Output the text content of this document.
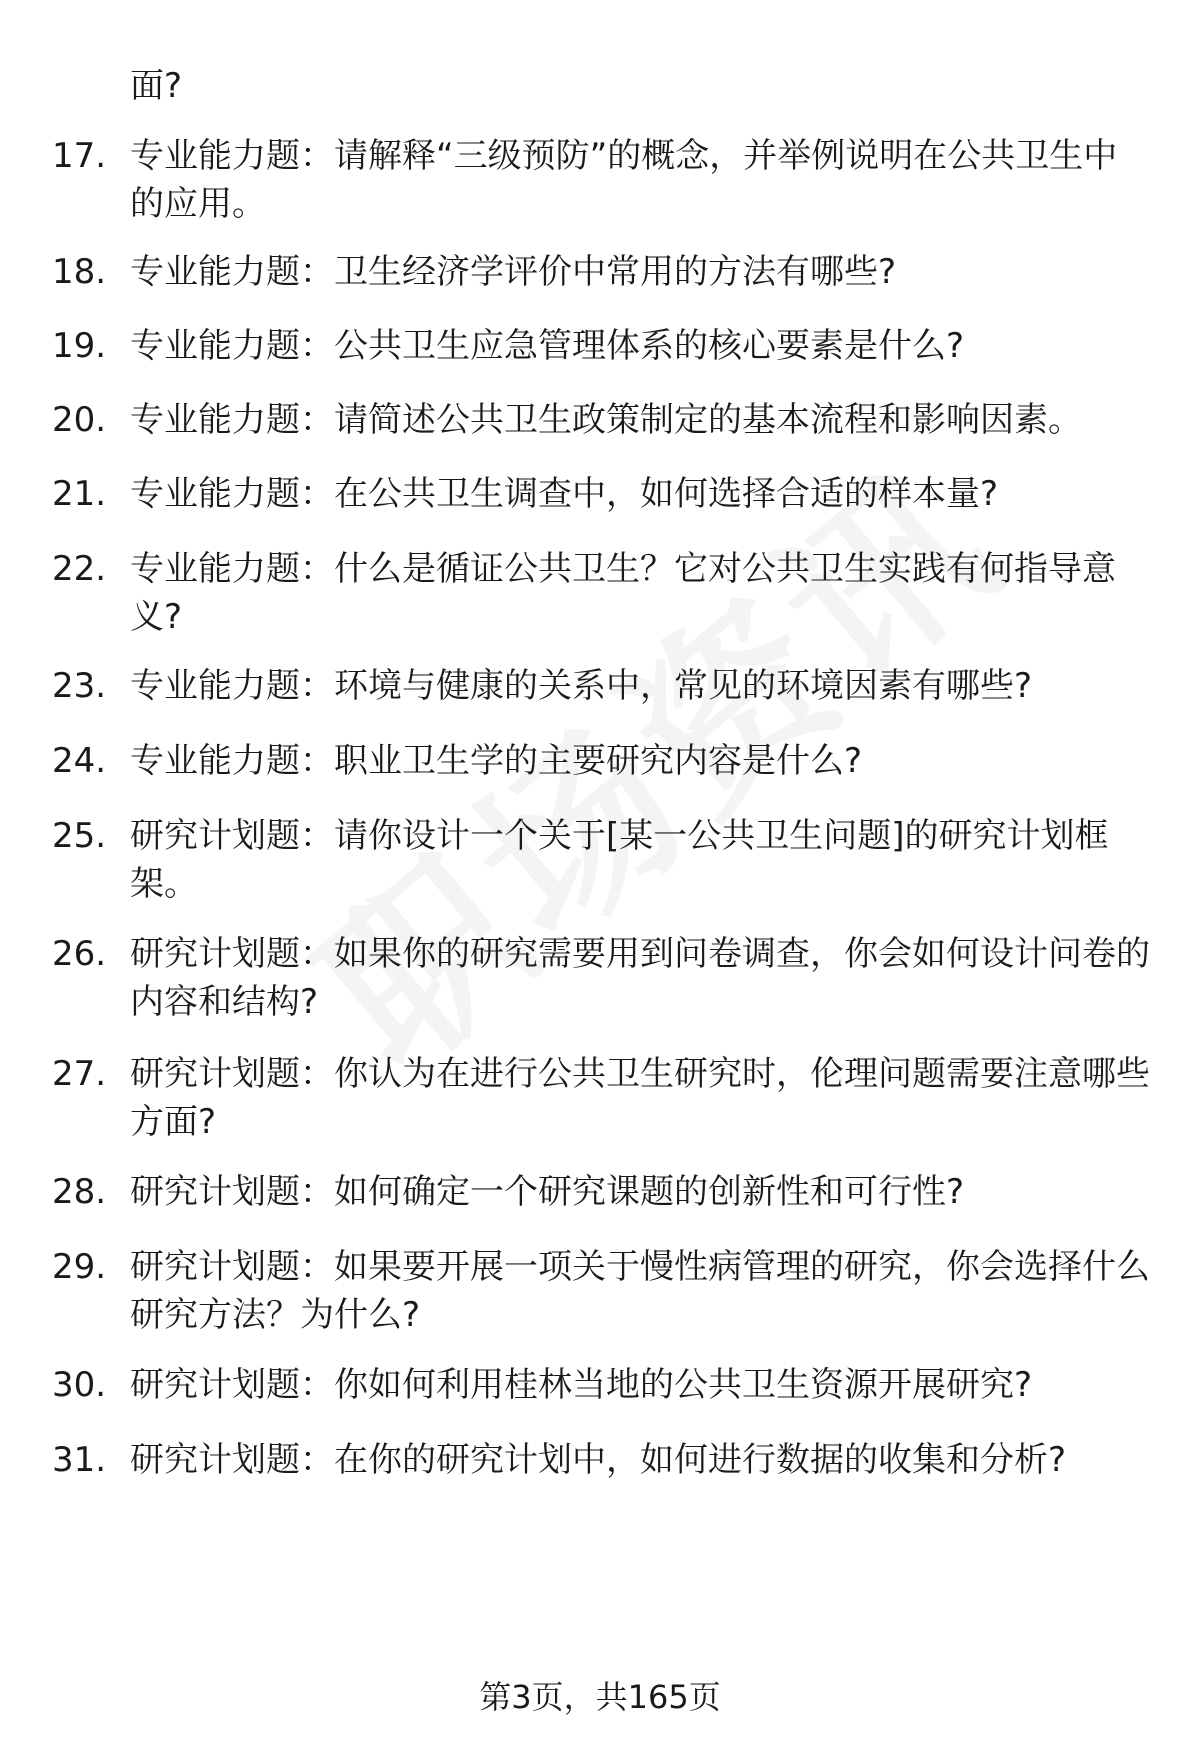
面?
17. 专业能力题：请解释“三级预防”的概念，并举例说明在公共卫生中的应用。
18. 专业能力题：卫生经济学评价中常用的方法有哪些?
19. 专业能力题：公共卫生应急管理体系的核心要素是什么?
20. 专业能力题：请简述公共卫生政策制定的基本流程和影响因素。
21. 专业能力题：在公共卫生调查中，如何选择合适的样本量?
22. 专业能力题：什么是循证公共卫生？它对公共卫生实践有何指导意义?
23. 专业能力题：环境与健康的关系中，常见的环境因素有哪些?
24. 专业能力题：职业卫生学的主要研究内容是什么?
25. 研究计划题：请你设计一个关于[某一公共卫生问题]的研究计划框架。
26. 研究计划题：如果你的研究需要用到问卷调查，你会如何设计问卷的内容和结构?
27. 研究计划题：你认为在进行公共卫生研究时，伦理问题需要注意哪些方面?
28. 研究计划题：如何确定一个研究课题的创新性和可行性?
29. 研究计划题：如果要开展一项关于慢性病管理的研究，你会选择什么研究方法？为什么?
30. 研究计划题：你如何利用桂林当地的公共卫生资源开展研究?
31. 研究计划题：在你的研究计划中，如何进行数据的收集和分析?
第3页，共165页
